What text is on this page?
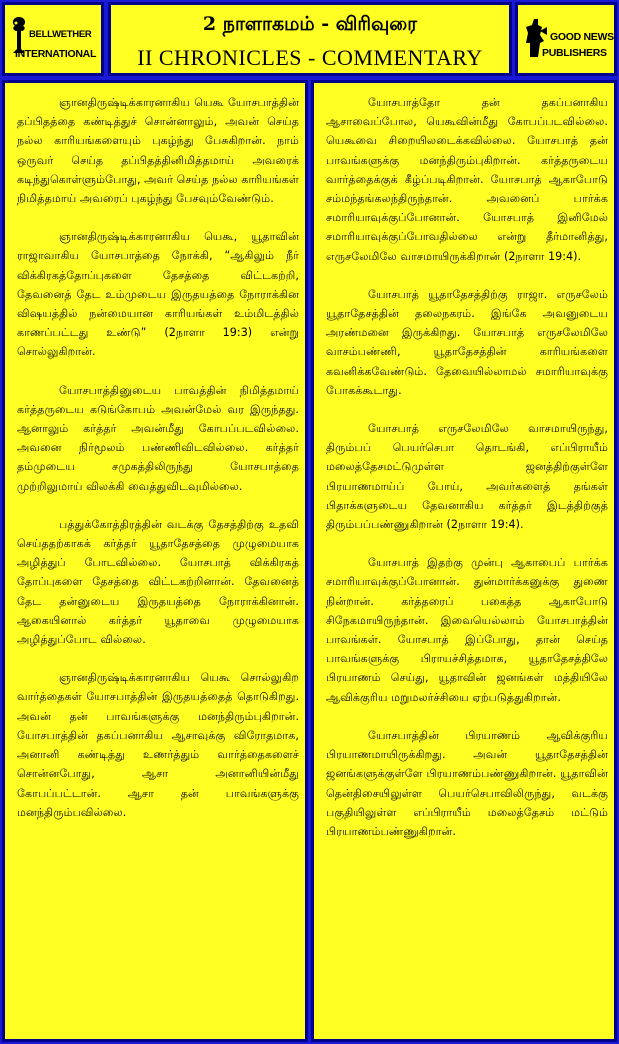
BELLWETHER
INTERNATIONAL
2 நாளாகமம் - விரிவுரை
II CHRONICLES - COMMENTARY
GOOD NEWS
PUBLISHERS

ஞானதிருஷ்டிக்காரனாகிய யெகூ யோசபாத்தின் தப்பிதத்தை கண்டித்துச் சொன்னாலும், அவன் செய்த நல்ல காரியங்களையும் புகழ்ந்து பேசுகிறான். நாம் ஒருவர் செய்த தப்பிதத்தினிமித்தமாய் அவரைக் கடிந்துகொள்ளும்போது, அவர் செய்த நல்ல காரியங்கள் நிமித்தமாய் அவரைப் புகழ்ந்து பேசவும்வேண்டும்.

ஞானதிருஷ்டிக்காரனாகிய யெகூ, யூதாவின் ராஜாவாகிய யோசபாத்தை நோக்கி, “ஆகிலும் நீர் விக்கிரகத்தோப்புகளை தேசத்தை விட்டகற்றி, தேவனைத் தேட உம்முடைய இருதயத்தை நோராக்கின விஷயத்தில் நன்மையான காரியங்கள் உம்மிடத்தில் காணப்பட்டது உண்டு” (2நாளா 19:3) என்று சொல்லுகிறான்.

யோசபாத்தினுடைய பாவத்தின் நிமித்தமாய் கர்த்தருடைய கடுங்கோபம் அவன்மேல் வர இருந்தது. ஆனாலும் கர்த்தர் அவன்மீது கோபப்படவில்லை. அவனை நிர்மூலம் பண்ணிவிடவில்லை. கர்த்தர் தம்முடைய சமுகத்திலிருந்து யோசபாத்தை முற்றிலுமாய் விலக்கி வைத்துவிடவுமில்லை.

பத்துக்கோத்திரத்தின் வடக்கு தேசத்திற்கு உதவி செய்ததற்காகக் கர்த்தர் யூதாதேசத்தை முழுமையாக அழித்துப் போடவில்லை. யோசபாத் விக்கிரகத் தோப்புகளை தேசத்தை விட்டகற்றினான். தேவனைத் தேட தன்னுடைய இருதயத்தை நோராக்கினான். ஆகையினால் கர்த்தர் யூதாவை முழுமையாக அழித்துப்போட வில்லை.

ஞானதிருஷ்டிக்காரனாகிய யெகூ சொல்லுகிற வார்த்தைகள் யோசபாத்தின் இருதயத்தைத் தொடுகிறது. அவன் தன் பாவங்களுக்கு மனந்திரும்புகிறான். யோசபாத்தின் தகப்பனாகிய ஆசாவுக்கு விரோதமாக, அனானி கண்டித்து உணர்த்தும் வார்த்தைகளைச் சொன்னபோது, ஆசா அனானியின்மீது கோபப்பட்டான். ஆசா தன் பாவங்களுக்கு மனந்திரும்பவில்லை.

யோசபாத்தோ தன் தகப்பனாகிய ஆசாவைப்போல, யெகூவின்மீது கோபப்படவில்லை. யெகூவை சிறையிலடைக்கவில்லை. யோசபாத் தன் பாவங்களுக்கு மனந்திரும்புகிறான். கர்த்தருடைய வார்த்தைக்குக் கீழ்ப்படிகிறான். யோசபாத் ஆகாபோடு சம்மந்தங்கலந்திருந்தான். அவனைப் பார்க்க சமாரியாவுக்குப்போனான். யோசபாத் இனிமேல் சமாரியாவுக்குப்போவதில்லை என்று தீர்மானித்து, எருசலேமிலே வாசமாயிருக்கிறான் (2நாளா 19:4).

யோசபாத் யூதாதேசத்திற்கு ராஜா. எருசலேம் யூதாதேசத்தின் தலைநகரம். இங்கே அவனுடைய அரண்மனை இருக்கிறது. யோசபாத் எருசலேமிலே வாசம்பண்ணி, யூதாதேசத்தின் காரியங்களை கவனிக்கவேண்டும். தேவையில்லாமல் சமாரியாவுக்கு போகக்கூடாது.

யோசபாத் எருசலேமிலே வாசமாயிருந்து, திரும்பப் பெயர்செபா தொடங்கி, எப்பிராயீம் மலைத்தேசமட்டுமுள்ள ஜனத்திற்குள்ளே பிரயாணமாய்ப் போய், அவர்களைத் தங்கள் பிதாக்களுடைய தேவனாகிய கர்த்தர் இடத்திற்குத் திரும்பப்பண்ணுகிறான் (2நாளா 19:4).

யோசபாத் இதற்கு முன்பு ஆகாபைப் பார்க்க சமாரியாவுக்குப்போனான். துன்மார்க்கனுக்கு துணை நின்றான். கர்த்தரைப் பகைத்த ஆகாபோடு சிநேகமாயிருந்தான். இவையெல்லாம் யோசபாத்தின் பாவங்கள். யோசபாத் இப்போது, தான் செய்த பாவங்களுக்கு பிராயச்சித்தமாக, யூதாதேசத்திலே பிரயாணம் செய்து, யூதாவின் ஜனங்கள் மத்தியிலே ஆவிக்குரிய மறுமலர்ச்சியை ஏற்படுத்துகிறான்.

யோசபாத்தின் பிரயாணம் ஆவிக்குரிய பிரயாணமாயிருக்கிறது. அவன் யூதாதேசத்தின் ஜனங்களுக்குள்ளே பிரயாணம்பண்ணுகிறான். யூதாவின் தென்திசையிலுள்ள பெயர்செபாவிலிருந்து, வடக்கு பகுதியிலுள்ள எப்பிராயீம் மலைத்தேசம் மட்டும் பிரயாணம்பண்ணுகிறான்.
